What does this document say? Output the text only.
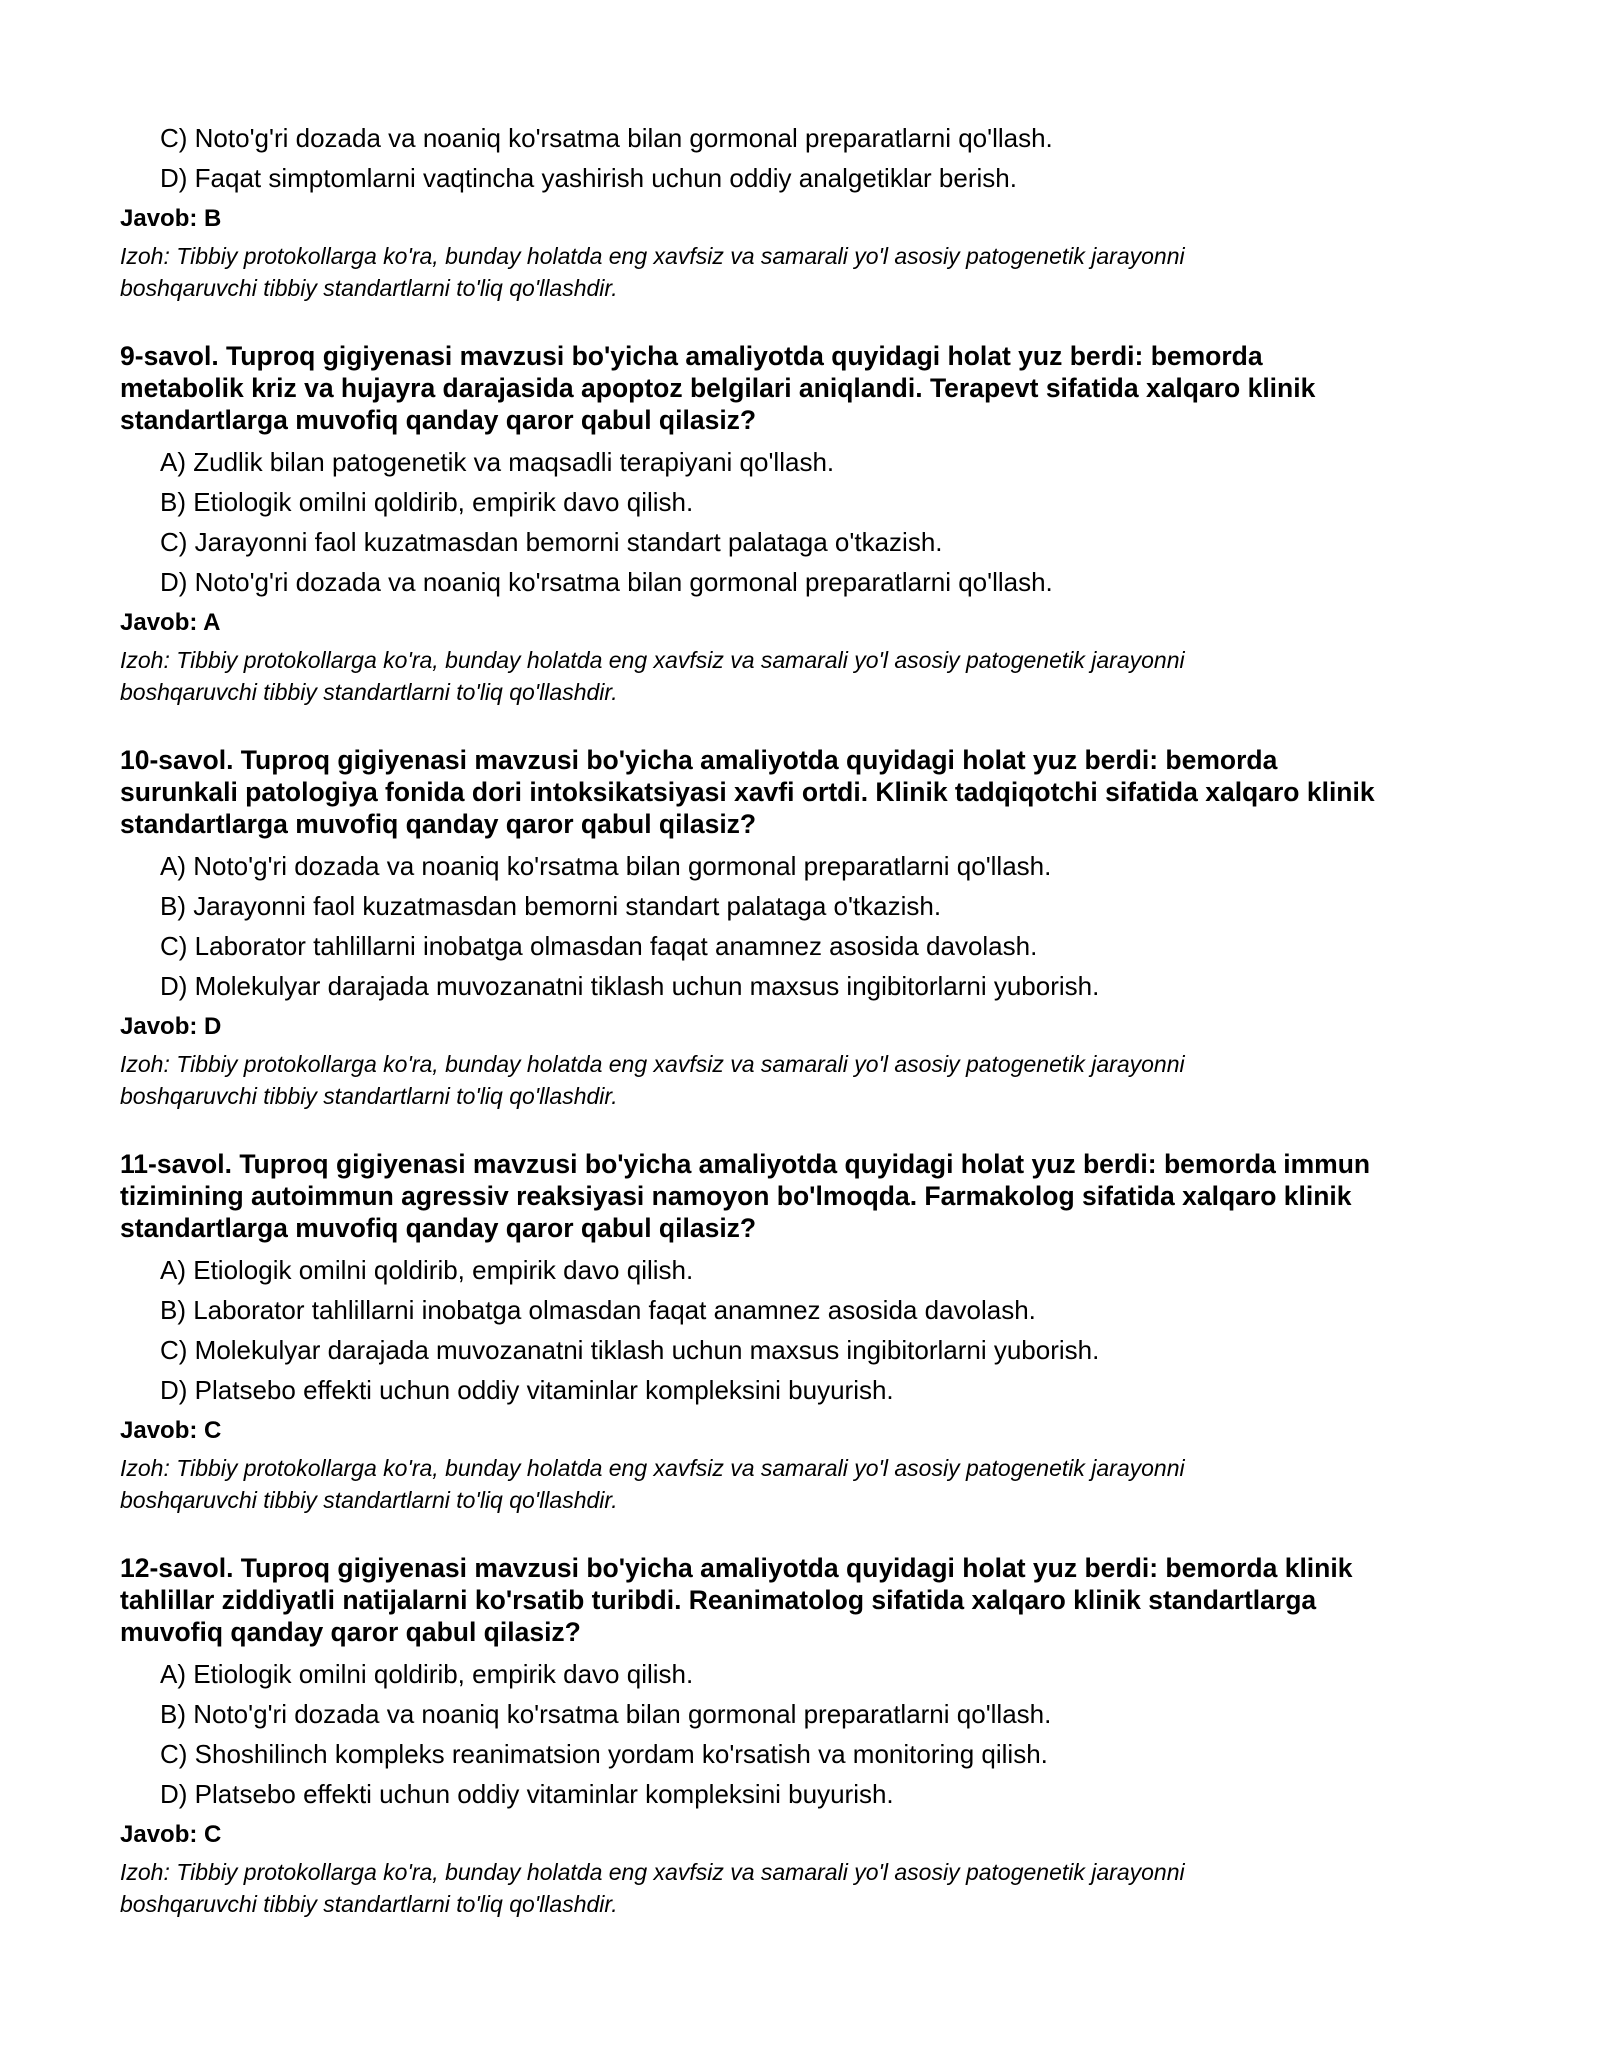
C) Noto'g'ri dozada va noaniq ko'rsatma bilan gormonal preparatlarni qo'llash.
D) Faqat simptomlarni vaqtincha yashirish uchun oddiy analgetiklar berish.
Javob: B
Izoh: Tibbiy protokollarga ko'ra, bunday holatda eng xavfsiz va samarali yo'l asosiy patogenetik jarayonni
boshqaruvchi tibbiy standartlarni to'liq qo'llashdir.
9-savol. Tuproq gigiyenasi mavzusi bo'yicha amaliyotda quyidagi holat yuz berdi: bemorda
metabolik kriz va hujayra darajasida apoptoz belgilari aniqlandi. Terapevt sifatida xalqaro klinik
standartlarga muvofiq qanday qaror qabul qilasiz?
A) Zudlik bilan patogenetik va maqsadli terapiyani qo'llash.
B) Etiologik omilni qoldirib, empirik davo qilish.
C) Jarayonni faol kuzatmasdan bemorni standart palataga o'tkazish.
D) Noto'g'ri dozada va noaniq ko'rsatma bilan gormonal preparatlarni qo'llash.
Javob: A
Izoh: Tibbiy protokollarga ko'ra, bunday holatda eng xavfsiz va samarali yo'l asosiy patogenetik jarayonni
boshqaruvchi tibbiy standartlarni to'liq qo'llashdir.
10-savol. Tuproq gigiyenasi mavzusi bo'yicha amaliyotda quyidagi holat yuz berdi: bemorda
surunkali patologiya fonida dori intoksikatsiyasi xavfi ortdi. Klinik tadqiqotchi sifatida xalqaro klinik
standartlarga muvofiq qanday qaror qabul qilasiz?
A) Noto'g'ri dozada va noaniq ko'rsatma bilan gormonal preparatlarni qo'llash.
B) Jarayonni faol kuzatmasdan bemorni standart palataga o'tkazish.
C) Laborator tahlillarni inobatga olmasdan faqat anamnez asosida davolash.
D) Molekulyar darajada muvozanatni tiklash uchun maxsus ingibitorlarni yuborish.
Javob: D
Izoh: Tibbiy protokollarga ko'ra, bunday holatda eng xavfsiz va samarali yo'l asosiy patogenetik jarayonni
boshqaruvchi tibbiy standartlarni to'liq qo'llashdir.
11-savol. Tuproq gigiyenasi mavzusi bo'yicha amaliyotda quyidagi holat yuz berdi: bemorda immun
tizimining autoimmun agressiv reaksiyasi namoyon bo'lmoqda. Farmakolog sifatida xalqaro klinik
standartlarga muvofiq qanday qaror qabul qilasiz?
A) Etiologik omilni qoldirib, empirik davo qilish.
B) Laborator tahlillarni inobatga olmasdan faqat anamnez asosida davolash.
C) Molekulyar darajada muvozanatni tiklash uchun maxsus ingibitorlarni yuborish.
D) Platsebo effekti uchun oddiy vitaminlar kompleksini buyurish.
Javob: C
Izoh: Tibbiy protokollarga ko'ra, bunday holatda eng xavfsiz va samarali yo'l asosiy patogenetik jarayonni
boshqaruvchi tibbiy standartlarni to'liq qo'llashdir.
12-savol. Tuproq gigiyenasi mavzusi bo'yicha amaliyotda quyidagi holat yuz berdi: bemorda klinik
tahlillar ziddiyatli natijalarni ko'rsatib turibdi. Reanimatolog sifatida xalqaro klinik standartlarga
muvofiq qanday qaror qabul qilasiz?
A) Etiologik omilni qoldirib, empirik davo qilish.
B) Noto'g'ri dozada va noaniq ko'rsatma bilan gormonal preparatlarni qo'llash.
C) Shoshilinch kompleks reanimatsion yordam ko'rsatish va monitoring qilish.
D) Platsebo effekti uchun oddiy vitaminlar kompleksini buyurish.
Javob: C
Izoh: Tibbiy protokollarga ko'ra, bunday holatda eng xavfsiz va samarali yo'l asosiy patogenetik jarayonni
boshqaruvchi tibbiy standartlarni to'liq qo'llashdir.
